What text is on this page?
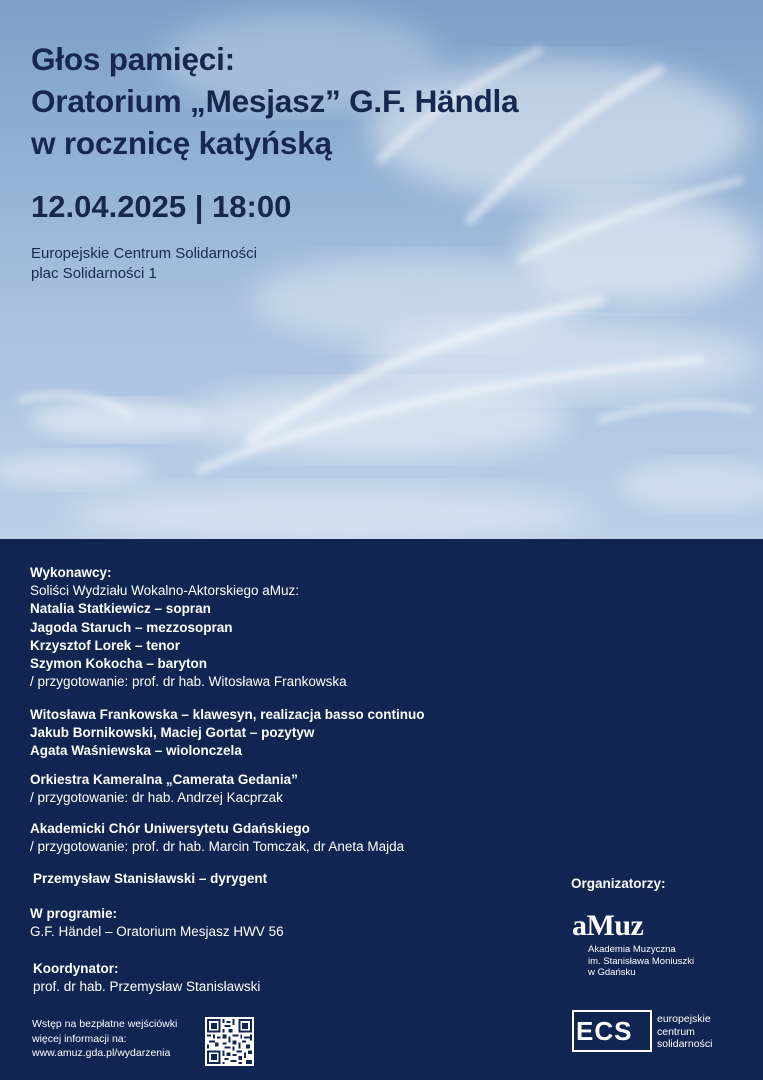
Głos pamięci:
Oratorium „Mesjasz” G.F. Händla
w rocznicę katyńską
12.04.2025 | 18:00
Europejskie Centrum Solidarności
plac Solidarności 1
Wykonawcy:
Soliści Wydziału Wokalno-Aktorskiego aMuz:
Natalia Statkiewicz – sopran
Jagoda Staruch – mezzosopran
Krzysztof Lorek – tenor
Szymon Kokocha – baryton
/ przygotowanie: prof. dr hab. Witosława Frankowska
Witosława Frankowska – klawesyn, realizacja basso continuo
Jakub Bornikowski, Maciej Gortat – pozytyw
Agata Waśniewska – wiolonczela
Orkiestra Kameralna „Camerata Gedania”
/ przygotowanie: dr hab. Andrzej Kacprzak
Akademicki Chór Uniwersytetu Gdańskiego
/ przygotowanie: prof. dr hab. Marcin Tomczak, dr Aneta Majda
Przemysław Stanisławski – dyrygent
W programie:
G.F. Händel – Oratorium Mesjasz HWV 56
Koordynator:
prof. dr hab. Przemysław Stanisławski
Wstęp na bezpłatne wejściówki
więcej informacji na:
www.amuz.gda.pl/wydarzenia
Organizatorzy:
aMuz
Akademia Muzyczna
im. Stanisława Moniuszki
w Gdańsku
ECS	europejskie
centrum
solidarności
